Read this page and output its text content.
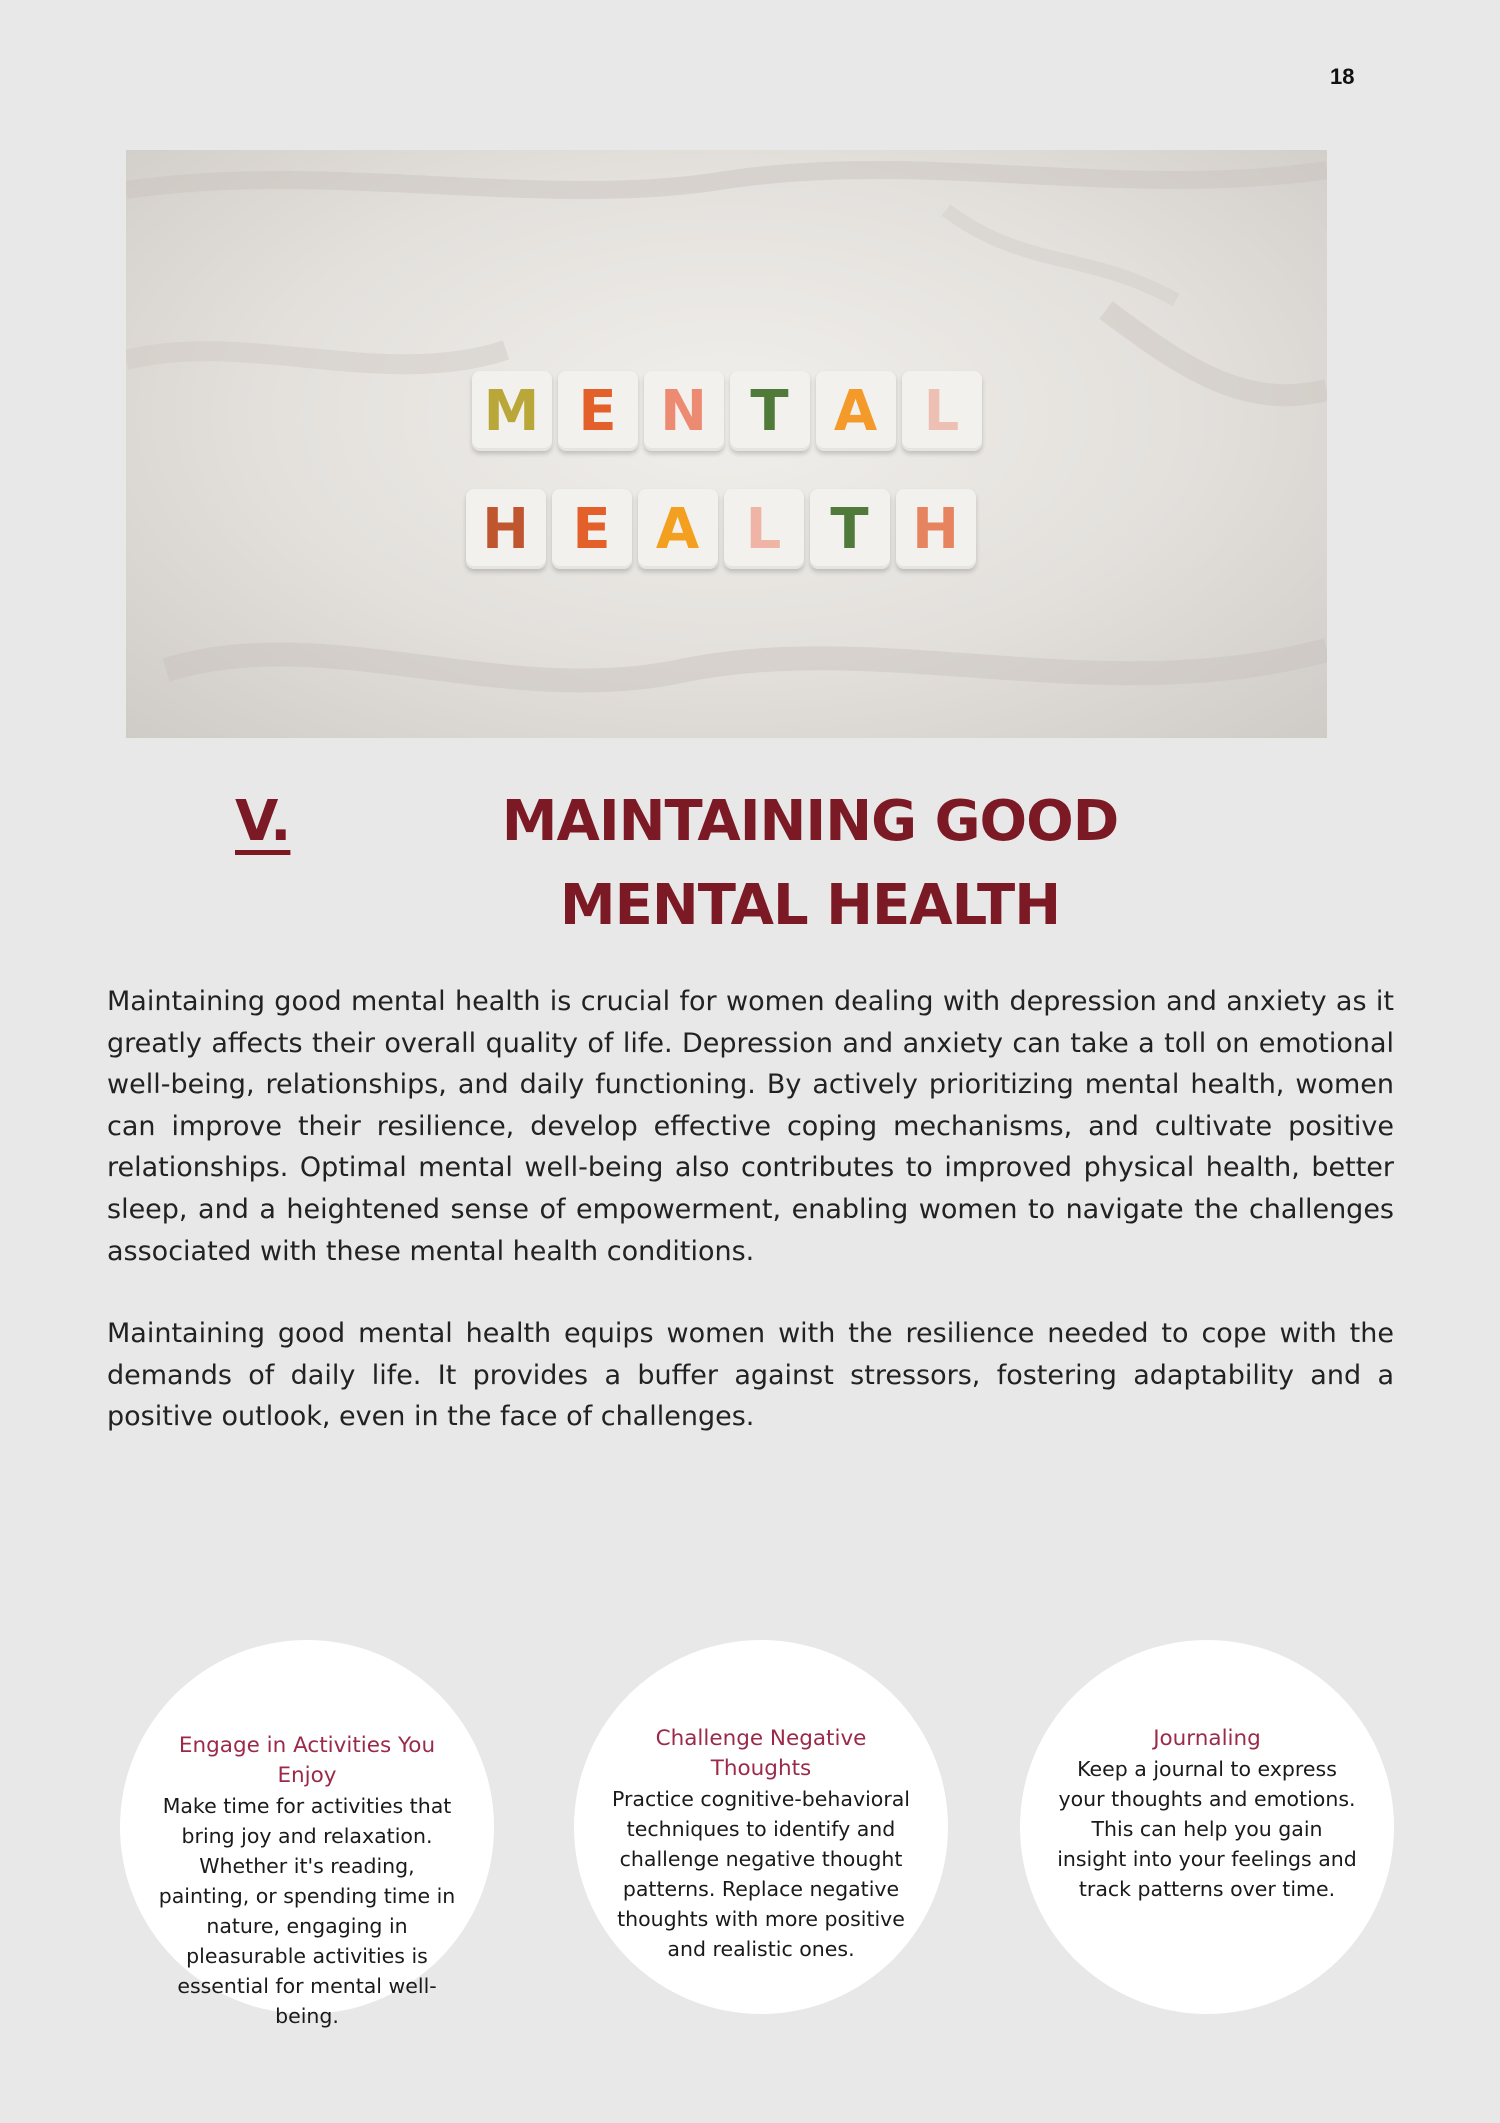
18
M E N T A L
H E A L T H
V.	MAINTAINING GOOD MENTAL HEALTH
Maintaining good mental health is crucial for women dealing with depression and anxiety as it greatly affects their overall quality of life. Depression and anxiety can take a toll on emotional well-being, relationships, and daily functioning. By actively prioritizing mental health, women can improve their resilience, develop effective coping mechanisms, and cultivate positive relationships. Optimal mental well-being also contributes to improved physical health, better sleep, and a heightened sense of empowerment, enabling women to navigate the challenges associated with these mental health conditions.
Maintaining good mental health equips women with the resilience needed to cope with the demands of daily life. It provides a buffer against stressors, fostering adaptability and a positive outlook, even in the face of challenges.
Engage in Activities You Enjoy
Make time for activities that bring joy and relaxation. Whether it's reading, painting, or spending time in nature, engaging in pleasurable activities is essential for mental well-being.
Challenge Negative Thoughts
Practice cognitive-behavioral techniques to identify and challenge negative thought patterns. Replace negative thoughts with more positive and realistic ones.
Journaling
Keep a journal to express your thoughts and emotions. This can help you gain insight into your feelings and track patterns over time.
